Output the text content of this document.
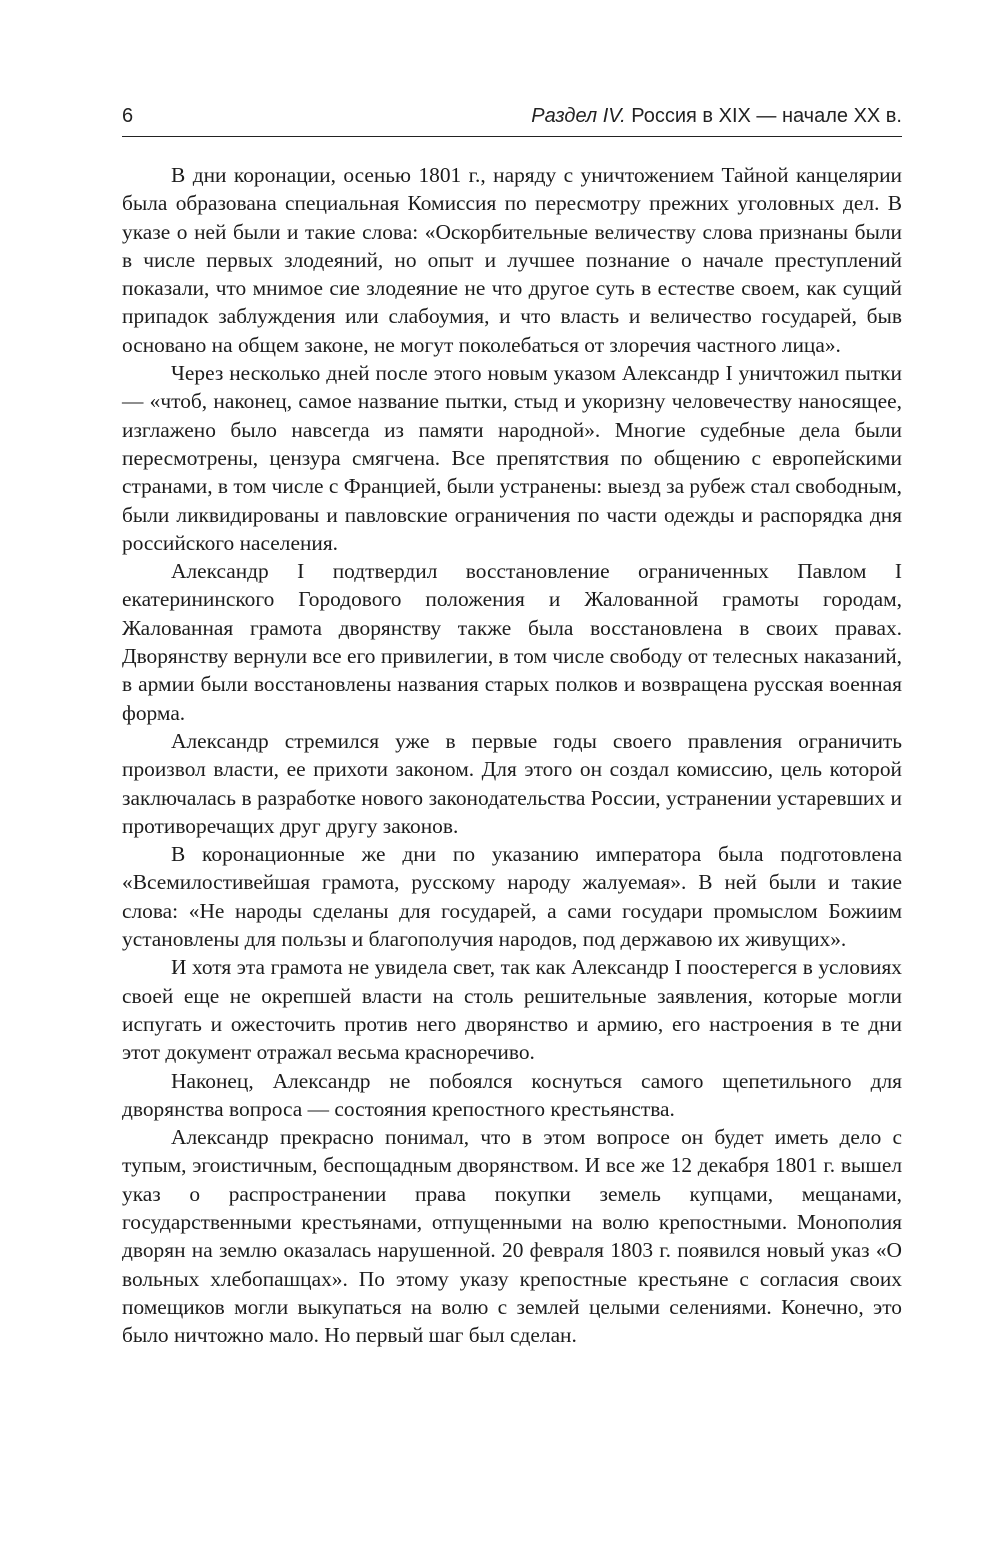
6	Раздел IV. Россия в XIX — начале XX в.

В дни коронации, осенью 1801 г., наряду с уничтожением Тайной канцелярии была образована специальная Комиссия по пересмотру прежних уголовных дел. В указе о ней были и такие слова: «Оскорбительные величеству слова признаны были в числе первых злодеяний, но опыт и лучшее познание о начале преступлений показали, что мнимое сие злодеяние не что другое суть в естестве своем, как сущий припадок заблуждения или слабоумия, и что власть и величество государей, быв основано на общем законе, не могут поколебаться от злоречия частного лица».

Через несколько дней после этого новым указом Александр I уничтожил пытки — «чтоб, наконец, самое название пытки, стыд и укоризну человечеству наносящее, изглажено было навсегда из памяти народной». Многие судебные дела были пересмотрены, цензура смягчена. Все препятствия по общению с европейскими странами, в том числе с Францией, были устранены: выезд за рубеж стал свободным, были ликвидированы и павловские ограничения по части одежды и распорядка дня российского населения.

Александр I подтвердил восстановление ограниченных Павлом I екатерининского Городового положения и Жалованной грамоты городам, Жалованная грамота дворянству также была восстановлена в своих правах. Дворянству вернули все его привилегии, в том числе свободу от телесных наказаний, в армии были восстановлены названия старых полков и возвращена русская военная форма.

Александр стремился уже в первые годы своего правления ограничить произвол власти, ее прихоти законом. Для этого он создал комиссию, цель которой заключалась в разработке нового законодательства России, устранении устаревших и противоречащих друг другу законов.

В коронационные же дни по указанию императора была подготовлена «Всемилостивейшая грамота, русскому народу жалуемая». В ней были и такие слова: «Не народы сделаны для государей, а сами государи промыслом Божиим установлены для пользы и благополучия народов, под державою их живущих».

И хотя эта грамота не увидела свет, так как Александр I поостерегся в условиях своей еще не окрепшей власти на столь решительные заявления, которые могли испугать и ожесточить против него дворянство и армию, его настроения в те дни этот документ отражал весьма красноречиво.

Наконец, Александр не побоялся коснуться самого щепетильного для дворянства вопроса — состояния крепостного крестьянства.

Александр прекрасно понимал, что в этом вопросе он будет иметь дело с тупым, эгоистичным, беспощадным дворянством. И все же 12 декабря 1801 г. вышел указ о распространении права покупки земель купцами, мещанами, государственными крестьянами, отпущенными на волю крепостными. Монополия дворян на землю оказалась нарушенной. 20 февраля 1803 г. появился новый указ «О вольных хлебопашцах». По этому указу крепостные крестьяне с согласия своих помещиков могли выкупаться на волю с землей целыми селениями. Конечно, это было ничтожно мало. Но первый шаг был сделан.
